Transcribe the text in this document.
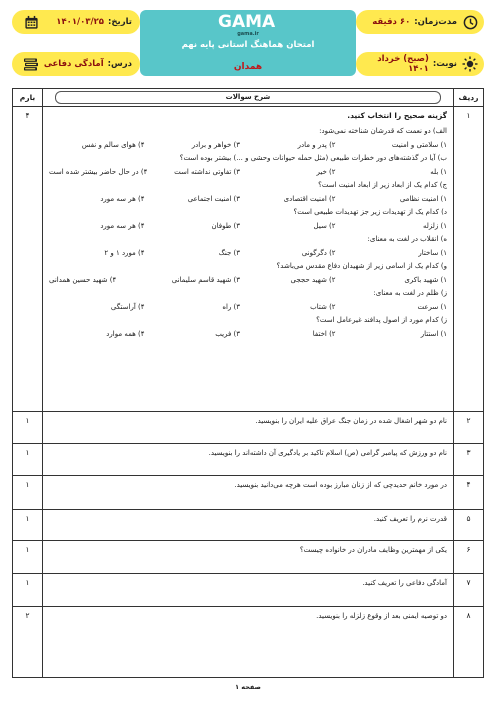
مدت‌زمان:
۶۰ دقیقه
تاریخ:
۱۴۰۱/۰۳/۲۵	GAMA
gama.ir
امتحان هماهنگ استانی پایه نهم
همدان	نوبت:
(صبح) خرداد ۱۴۰۱
درس:
آمادگی دفاعی
ردیف
شرح سوالات
بارم
۱
گزینه صحیح را انتخاب کنید.
الف) دو نعمت که قدرشان شناخته نمی‌شود:
۱) سلامتی و امنیت
۲) پدر و مادر
۳) خواهر و برادر
۴) هوای سالم و نفس
ب) آیا در گذشته‌های دور خطرات طبیعی (مثل حمله حیوانات وحشی و ...) بیشتر بوده است؟
۱) بله
۲) خیر
۳) تفاوتی نداشته است
۴) در حال حاضر بیشتر شده است
ج) کدام یک از ابعاد زیر از ابعاد امنیت است؟
۱) امنیت نظامی
۲) امنیت اقتصادی
۳) امنیت اجتماعی
۴) هر سه مورد
د) کدام یک از تهدیدات زیر جز تهدیدات طبیعی است؟
۱) زلزله
۲) سیل
۳) طوفان
۴) هر سه مورد
ه) انقلاب در لغت به معنای:
۱) ساختار
۲) دگرگونی
۳) جنگ
۴) مورد ۱ و ۲
و) کدام یک از اسامی زیر از شهیدان دفاع مقدس می‌باشد؟
۱) شهید باکری
۲) شهید حججی
۳) شهید قاسم سلیمانی
۴) شهید حسین همدانی
ز) ظلم در لغت به معنای:
۱) سرعت
۲) شتاب
۳) راه
۴) آراستگی
ز) کدام مورد از اصول پدافند غیرعامل است؟
۱) استتار
۲) اختفا
۳) فریب
۴) همه موارد
۴
۲
نام دو شهر اشغال شده در زمان جنگ عراق علیه ایران را بنویسید.
۱
۳
نام دو ورزش که پیامبر گرامی (ص) اسلام تاکید بر یادگیری آن داشته‌اند را بنویسید.
۱
۴
در مورد خانم حدیدچی که از زنان مبارز بوده است هرچه می‌دانید بنویسید.
۱
۵
قدرت نرم را تعریف کنید.
۱
۶
یکی از مهمترین وظایف مادران در خانواده چیست؟
۱
۷
آمادگی دفاعی را تعریف کنید.
۱
۸
دو توصیه ایمنی بعد از وقوع زلزله را بنویسید.
۲
صفحه ۱
